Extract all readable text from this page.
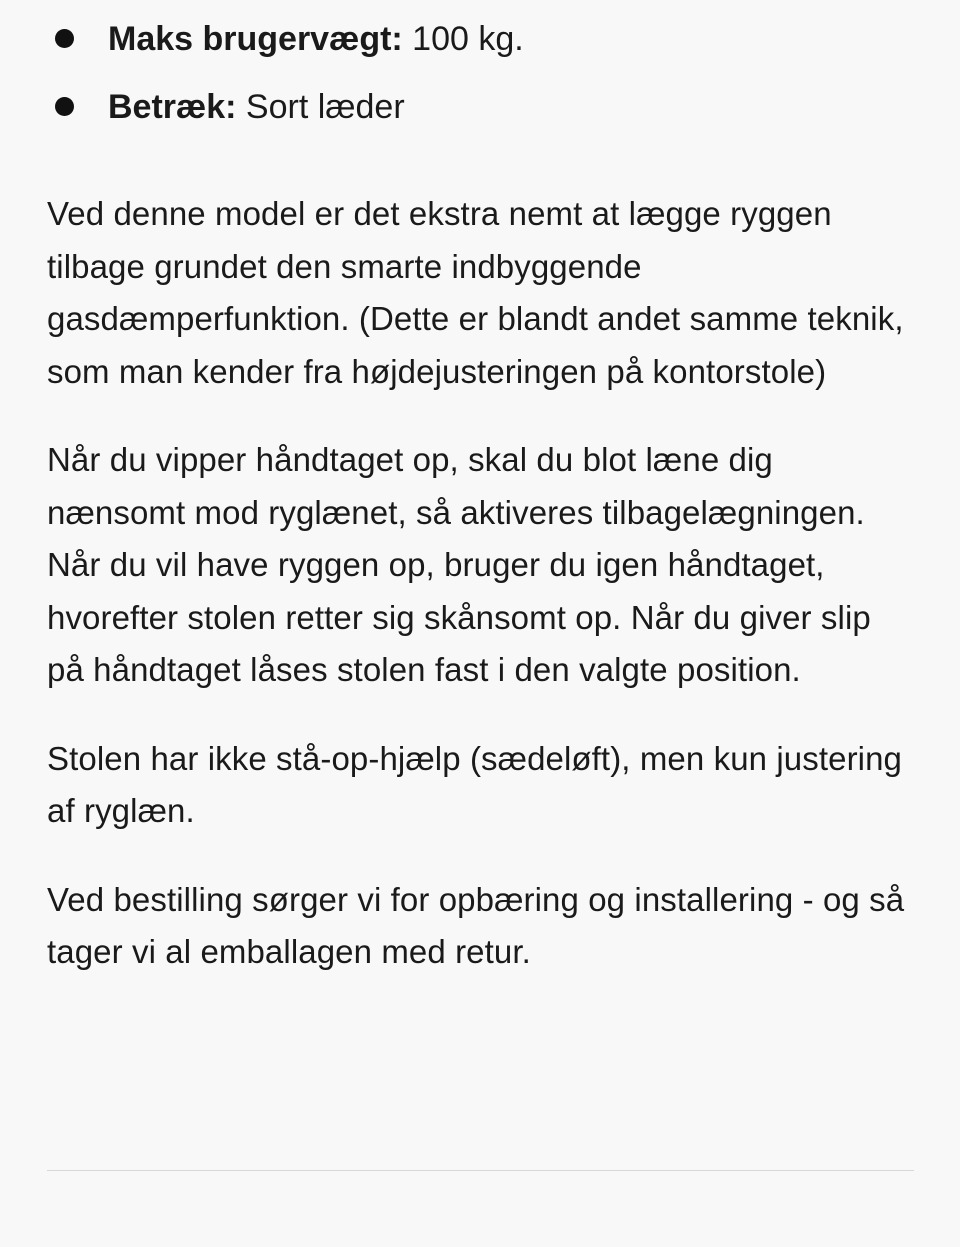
Maks brugervægt: 100 kg.
Betræk: Sort læder

Ved denne model er det ekstra nemt at lægge ryggen tilbage grundet den smarte indbyggende gasdæmperfunktion. (Dette er blandt andet samme teknik, som man kender fra højdejusteringen på kontorstole)

Når du vipper håndtaget op, skal du blot læne dig nænsomt mod ryglænet, så aktiveres tilbagelægningen. Når du vil have ryggen op, bruger du igen håndtaget, hvorefter stolen retter sig skånsomt op. Når du giver slip på håndtaget låses stolen fast i den valgte position.

Stolen har ikke stå-op-hjælp (sædeløft), men kun justering af ryglæn.

Ved bestilling sørger vi for opbæring og installering - og så tager vi al emballagen med retur.
